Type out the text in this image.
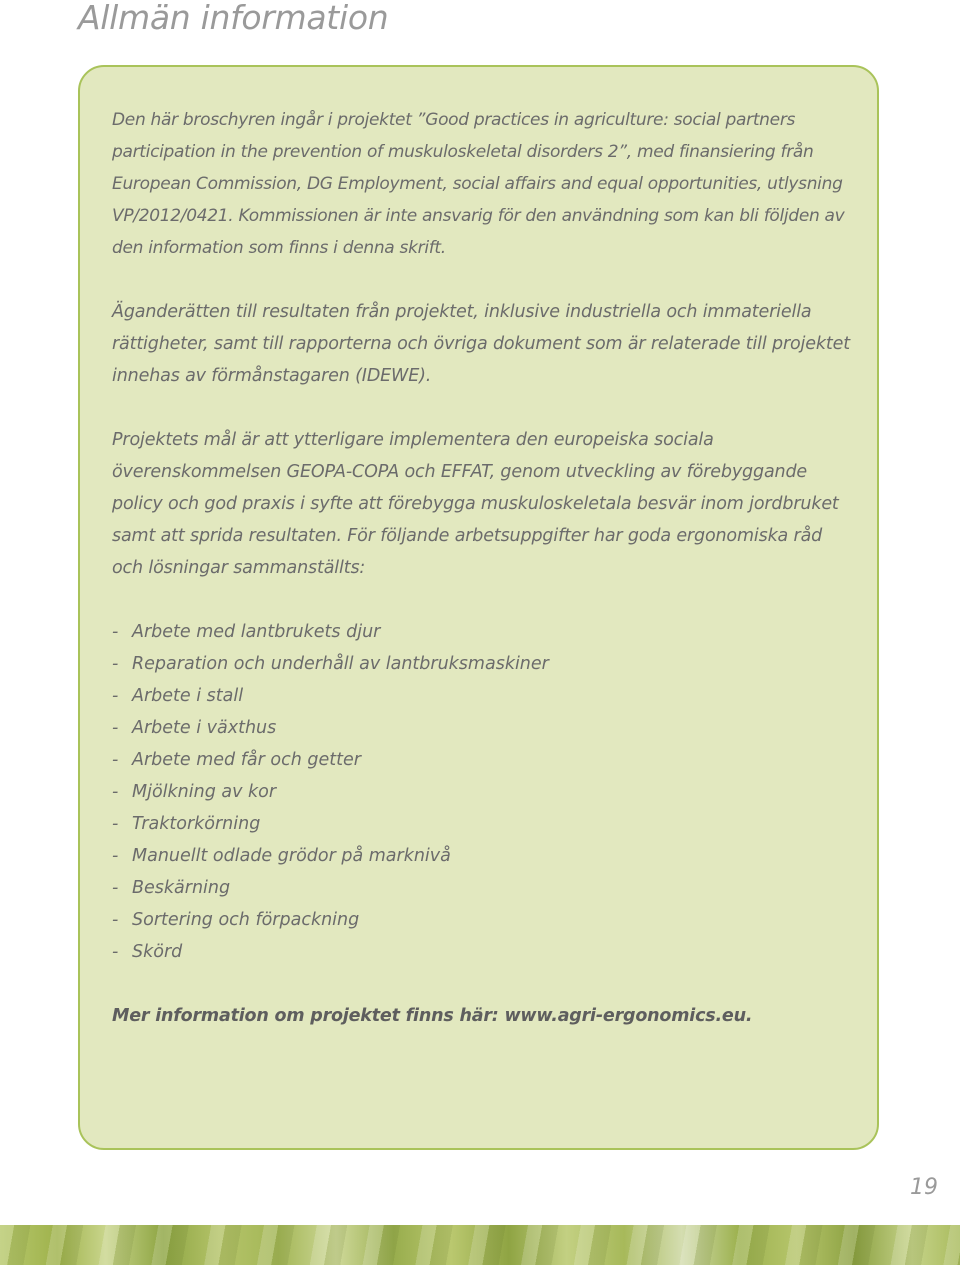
Allmän information

Den här broschyren ingår i projektet ”Good practices in agriculture: social partners participation in the prevention of muskuloskeletal disorders 2”, med finansiering från European Commission, DG Employment, social affairs and equal opportunities, utlysning VP/2012/0421. Kommissionen är inte ansvarig för den användning som kan bli följden av den information som finns i denna skrift.

Äganderätten till resultaten från projektet, inklusive industriella och immateriella rättigheter, samt till rapporterna och övriga dokument som är relaterade till projektet innehas av förmånstagaren (IDEWE).

Projektets mål är att ytterligare implementera den europeiska sociala överenskommelsen GEOPA-COPA och EFFAT, genom utveckling av förebyggande policy och god praxis i syfte att förebygga muskuloskeletala besvär inom jordbruket samt att sprida resultaten. För följande arbetsuppgifter har goda ergonomiska råd och lösningar sammanställts:

- Arbete med lantbrukets djur
- Reparation och underhåll av lantbruksmaskiner
- Arbete i stall
- Arbete i växthus
- Arbete med får och getter
- Mjölkning av kor
- Traktorkörning
- Manuellt odlade grödor på marknivå
- Beskärning
- Sortering och förpackning
- Skörd

Mer information om projektet finns här: www.agri-ergonomics.eu.

19
